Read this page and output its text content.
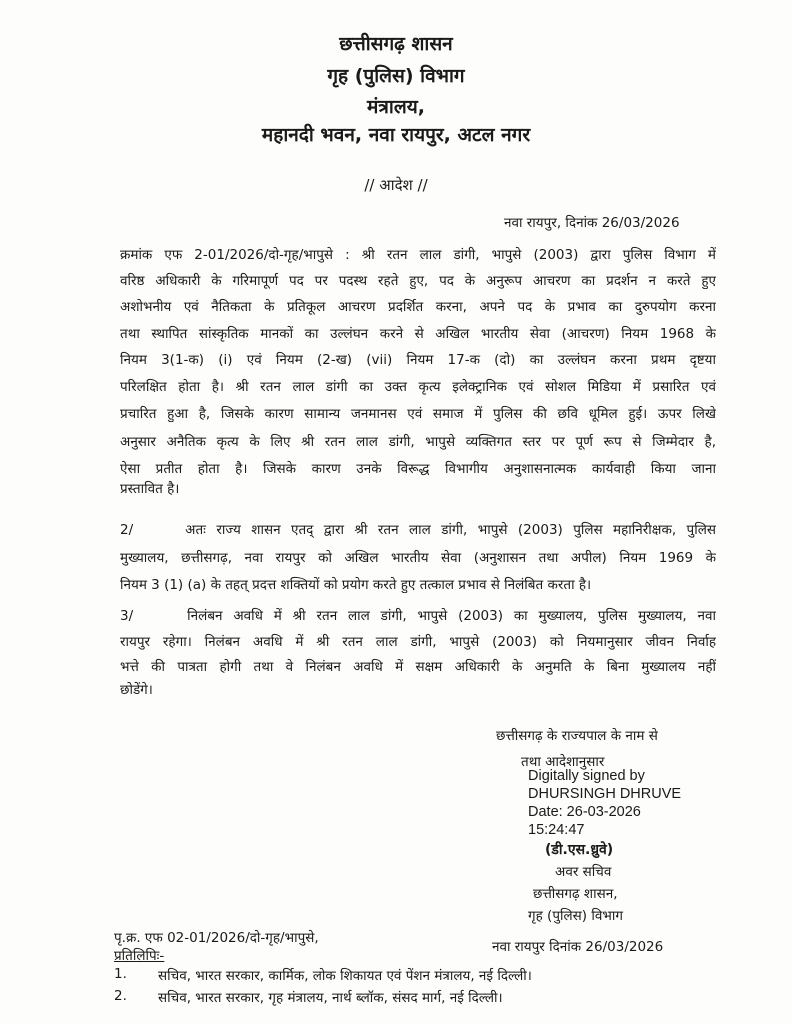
छत्तीसगढ़ शासन
गृह (पुलिस) विभाग
मंत्रालय,
महानदी भवन, नवा रायपुर, अटल नगर
// आदेश //
नवा रायपुर, दिनांक 26/03/2026
क्रमांक एफ 2-01/2026/दो-गृह/भापुसे : श्री रतन लाल डांगी, भापुसे (2003) द्वारा पुलिस विभाग में
वरिष्ठ अधिकारी के गरिमापूर्ण पद पर पदस्थ रहते हुए, पद के अनुरूप आचरण का प्रदर्शन न करते हुए
अशोभनीय एवं नैतिकता के प्रतिकूल आचरण प्रदर्शित करना, अपने पद के प्रभाव का दुरुपयोग करना
तथा स्थापित सांस्कृतिक मानकों का उल्लंघन करने से अखिल भारतीय सेवा (आचरण) नियम 1968 के
नियम 3(1-क) (i) एवं नियम (2-ख) (vii) नियम 17-क (दो) का उल्लंघन करना प्रथम दृष्टया
परिलक्षित होता है। श्री रतन लाल डांगी का उक्त कृत्य इलेक्ट्रानिक एवं सोशल मिडिया में प्रसारित एवं
प्रचारित हुआ है, जिसके कारण सामान्य जनमानस एवं समाज में पुलिस की छवि धूमिल हुई। ऊपर लिखे
अनुसार अनैतिक कृत्य के लिए श्री रतन लाल डांगी, भापुसे व्यक्तिगत स्तर पर पूर्ण रूप से जिम्मेदार है,
ऐसा प्रतीत होता है। जिसके कारण उनके विरूद्ध विभागीय अनुशासनात्मक कार्यवाही किया जाना
प्रस्तावित है।
2/     अतः राज्य शासन एतद् द्वारा श्री रतन लाल डांगी, भापुसे (2003) पुलिस महानिरीक्षक, पुलिस
मुख्यालय, छत्तीसगढ़, नवा रायपुर को अखिल भारतीय सेवा (अनुशासन तथा अपील) नियम 1969 के
नियम 3 (1) (a) के तहत् प्रदत्त शक्तियों को प्रयोग करते हुए तत्काल प्रभाव से निलंबित करता है।
3/     निलंबन अवधि में श्री रतन लाल डांगी, भापुसे (2003) का मुख्यालय, पुलिस मुख्यालय, नवा
रायपुर रहेगा। निलंबन अवधि में श्री रतन लाल डांगी, भापुसे (2003) को नियमानुसार जीवन निर्वाह
भत्ते की पात्रता होगी तथा वे निलंबन अवधि में सक्षम अधिकारी के अनुमति के बिना मुख्यालय नहीं
छोडेंगे।
छत्तीसगढ़ के राज्यपाल के नाम से
तथा आदेशानुसार
Digitally signed by
DHURSINGH DHRUVE
Date: 26-03-2026
15:24:47
(डी.एस.ध्रुवे)
अवर सचिव
छत्तीसगढ़ शासन,
गृह (पुलिस) विभाग
पृ.क्र. एफ 02-01/2026/दो-गृह/भापुसे,
नवा रायपुर दिनांक 26/03/2026
प्रतिलिपिः-
1. सचिव, भारत सरकार, कार्मिक, लोक शिकायत एवं पेंशन मंत्रालय, नई दिल्ली।
2. सचिव, भारत सरकार, गृह मंत्रालय, नार्थ ब्लॉक, संसद मार्ग, नई दिल्ली।
